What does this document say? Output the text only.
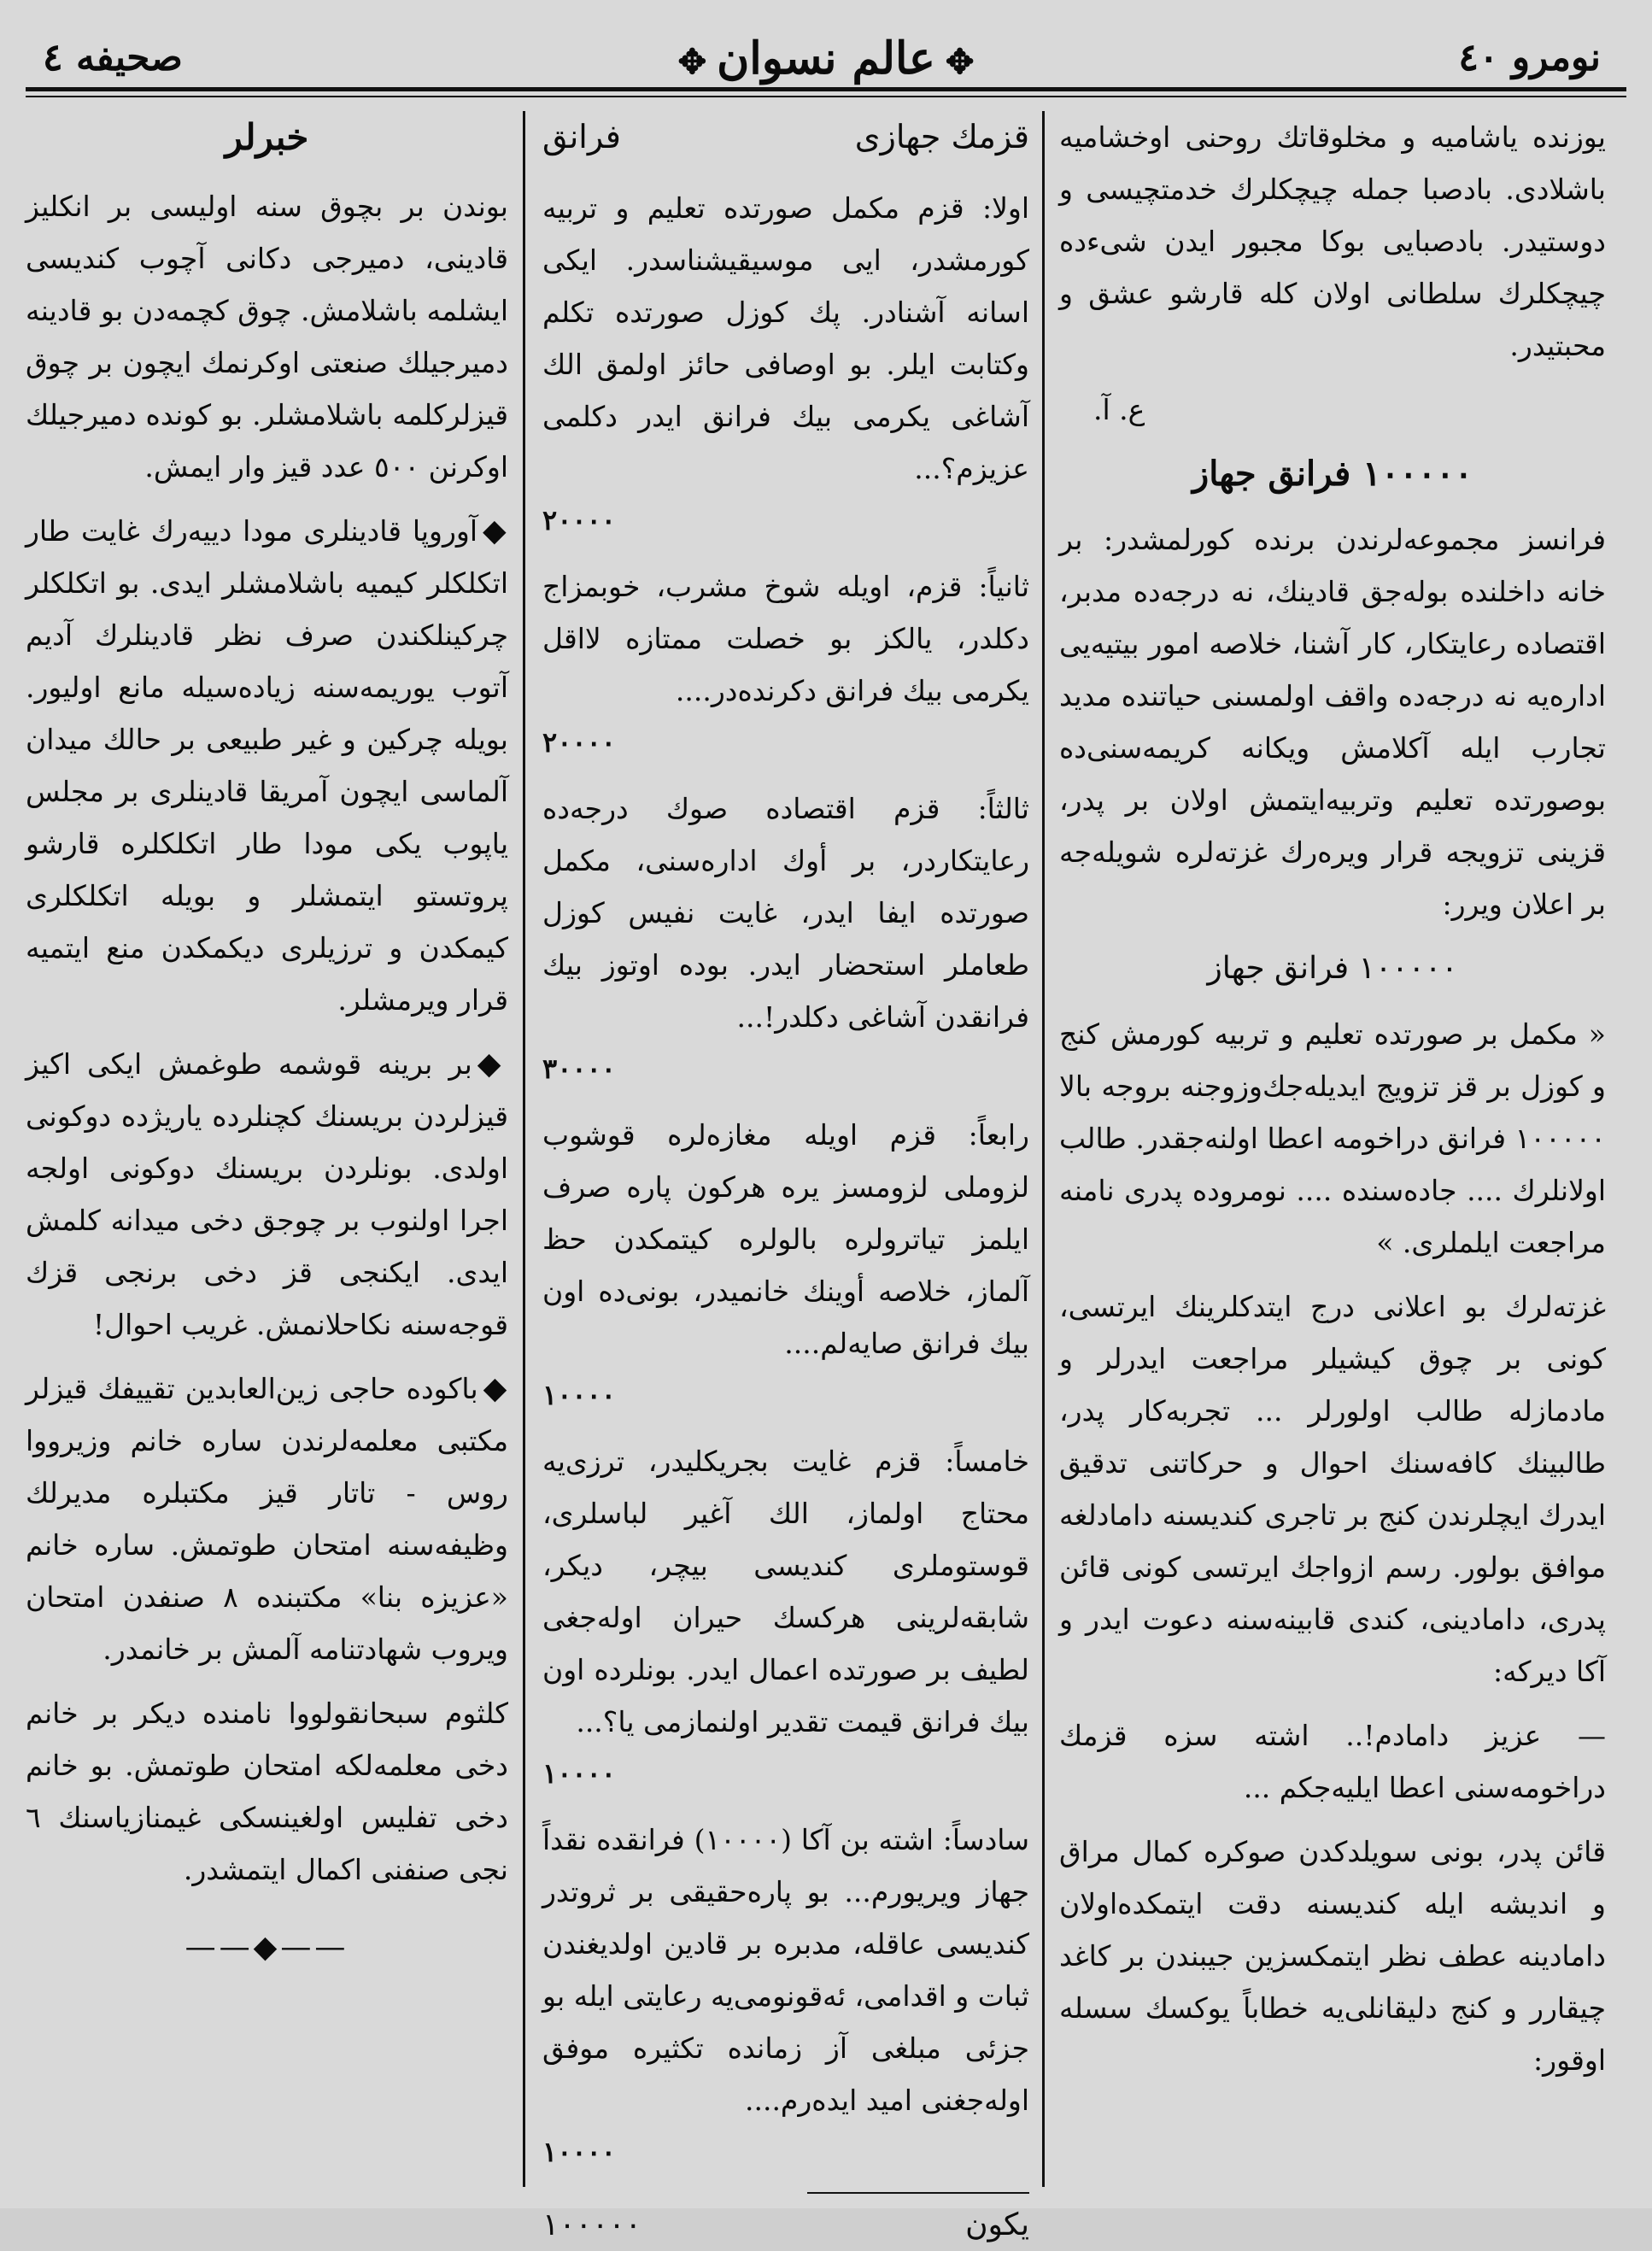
نومرو ٤٠
✥عالم نسوان✥
صحیفه ٤

یوزنده یاشامیه و مخلوقاتك روحنی اوخشامیه باشلادی. بادصبا جمله چیچكلرك خدمتچیسی و دوستیدر. بادصبایی بوكا مجبور ایدن شیءده چیچكلرك سلطانی اولان كله قارشو عشق و محبتیدر.

ع. آ.
١٠٠٠٠٠ فرانق جهاز

فرانسز مجموعه‌لرندن برنده كورلمشدر: بر خانه داخلنده بوله‌جق قادینك، نه درجه‌ده مدبر، اقتصاده رعایتكار، كار آشنا، خلاصه امور بیتیه‌یی اداره‌یه نه درجه‌ده واقف اولمسنی حیاتنده مدید تجارب ایله آكلامش ویكانه كریمه‌سنی‌ده بوصورتده تعلیم وتربیه‌ایتمش اولان بر پدر، قزینی تزویجه قرار ویره‌رك غزته‌لره شویله‌جه بر اعلان ویرر:

١٠٠٠٠٠ فرانق جهاز

« مكمل بر صورتده تعلیم و تربیه كورمش كنج و كوزل بر قز تزویج ایدیله‌جك‌وزوجنه بروجه بالا ١٠٠٠٠٠ فرانق دراخومه اعطا اولنه‌جقدر. طالب اولانلرك .... جاده‌سنده .... نومروده پدری نامنه مراجعت ایلملری. »

غزته‌لرك بو اعلانی درج ایتدكلرینك ایرتسی، كونی بر چوق كیشیلر مراجعت ایدرلر و مادمازله طالب اولورلر ... تجربه‌كار پدر، طالبینك كافه‌سنك احوال و حركاتنی تدقیق ایدرك ایچلرندن كنج بر تاجری كندیسنه دامادلغه موافق بولور. رسم ازواجك ایرتسی كونی قائن پدری، دامادینی، كندی قابینه‌سنه دعوت ایدر و آكا دیركه:

— عزیز دامادم!.. اشته سزه قزمك دراخومه‌سنی اعطا ایلیه‌جكم ...

قائن پدر، بونی سویلدكدن صوكره كمال مراق و اندیشه ایله كندیسنه دقت ایتمكده‌اولان دامادینه عطف نظر ایتمكسزین جیبندن بر كاغد چیقارر و كنج دلیقانلی‌یه خطاباً یوكسك سسله اوقور:

قزمك جهازی
فرانق
اولا: قزم مكمل صورتده تعلیم و تربیه كورمشدر، ایی موسیقیشناسدر. ایكی اسانه آشنادر. پك كوزل صورتده تكلم وكتابت ایلر. بو اوصافی حائز اولمق الك آشاغی یكرمی بیك فرانق ایدر دكلمی عزیزم؟...
٢٠٠٠٠
ثانیاً: قزم، اویله شوخ مشرب، خوبمزاج دكلدر، یالكز بو خصلت ممتازه لااقل یكرمی بیك فرانق دكرنده‌در....
٢٠٠٠٠
ثالثاً: قزم اقتصاده صوك درجه‌ده رعایتكاردر، بر أوك ادارەسنی، مكمل صورتده ایفا ایدر، غایت نفیس كوزل طعاملر استحضار ایدر. بوده اوتوز بیك فرانقدن آشاغی دكلدر!...
٣٠٠٠٠
رابعاً: قزم اویله مغازه‌لره قوشوب لزوملی لزومسز یره هركون پاره صرف ایلمز تیاترولره بالولره كیتمكدن حظ آلماز، خلاصه أوینك خانمیدر، بونی‌ده اون بیك فرانق صایه‌لم....
١٠٠٠٠
خامساً: قزم غایت بجریكلیدر، ترزی‌یه محتاج اولماز، الك آغیر لباسلری، قوستوملری كندیسی بیچر، دیكر، شابقه‌لرینی هركسك حیران اوله‌جغی لطیف بر صورتده اعمال ایدر. بونلرده اون بیك فرانق قیمت تقدیر اولنمازمی یا؟...
١٠٠٠٠
سادساً: اشته بن آكا (١٠٠٠٠) فرانقده نقداً جهاز ویریورم... بو پاره‌حقیقی بر ثروتدر كندیسی عاقله، مدبره بر قادین اولدیغندن ثبات و اقدامی، ئه‌قونومی‌یه رعایتی ایله بو جزئی مبلغی آز زمانده تكثیره موفق اوله‌جغنی امید ایده‌رم....
١٠٠٠٠
یكون
١٠٠٠٠٠
خبرلر

بوندن بر بچوق سنه اولیسی بر انكلیز قادینی، دمیرجی دكانی آچوب كندیسی ایشلمه باشلامش. چوق كچمه‌دن بو قادینه دمیرجیلك صنعتی اوكرنمك ایچون بر چوق قیزلركلمه باشلامشلر. بو كونده دمیرجیلك اوكرنن ٥٠٠ عدد قیز وار ایمش.

◆آوروپا قادینلری مودا دییه‌رك غایت طار اتكلكلر كیمیه باشلامشلر ایدی. بو اتكلكلر چركینلكندن صرف نظر قادینلرك آدیم آتوب یوریمه‌سنه زیاده‌سیله مانع اولیور. بویله چركین و غیر طبیعی بر حالك میدان آلماسی ایچون آمریقا قادینلری بر مجلس یاپوب یكی مودا طار اتكلكلره قارشو پروتستو ایتمشلر و بویله اتكلكلری كیمكدن و ترزیلری دیكمكدن منع ایتمیه قرار ویرمشلر.

◆بر برینه قوشمه طوغمش ایكی اكیز قیزلردن بریسنك كچنلرده یاریژده دوكونی اولدی. بونلردن بریسنك دوكونی اولجه اجرا اولنوب بر چوجق دخی میدانه كلمش ایدی. ایكنجی قز دخی برنجی قزك قوجه‌سنه نكاحلانمش. غریب احوال!

◆باكوده حاجی زین‌العابدین تقییفك قیزلر مكتبی معلمه‌لرندن ساره خانم وزیرووا روس - تاتار قیز مكتبلره مدیرلك وظیفه‌سنه امتحان طوتمش. ساره خانم «عزیزه بنا» مكتبنده ٨ صنفدن امتحان ویروب شهادتنامه آلمش بر خانمدر.

كلثوم سبحانقولووا نامنده دیكر بر خانم دخی معلمه‌لكه امتحان طوتمش. بو خانم دخی تفلیس اولغینسكی غیمنازیاسنك ٦ نجی صنفنی اكمال ایتمشدر.

——◆——
